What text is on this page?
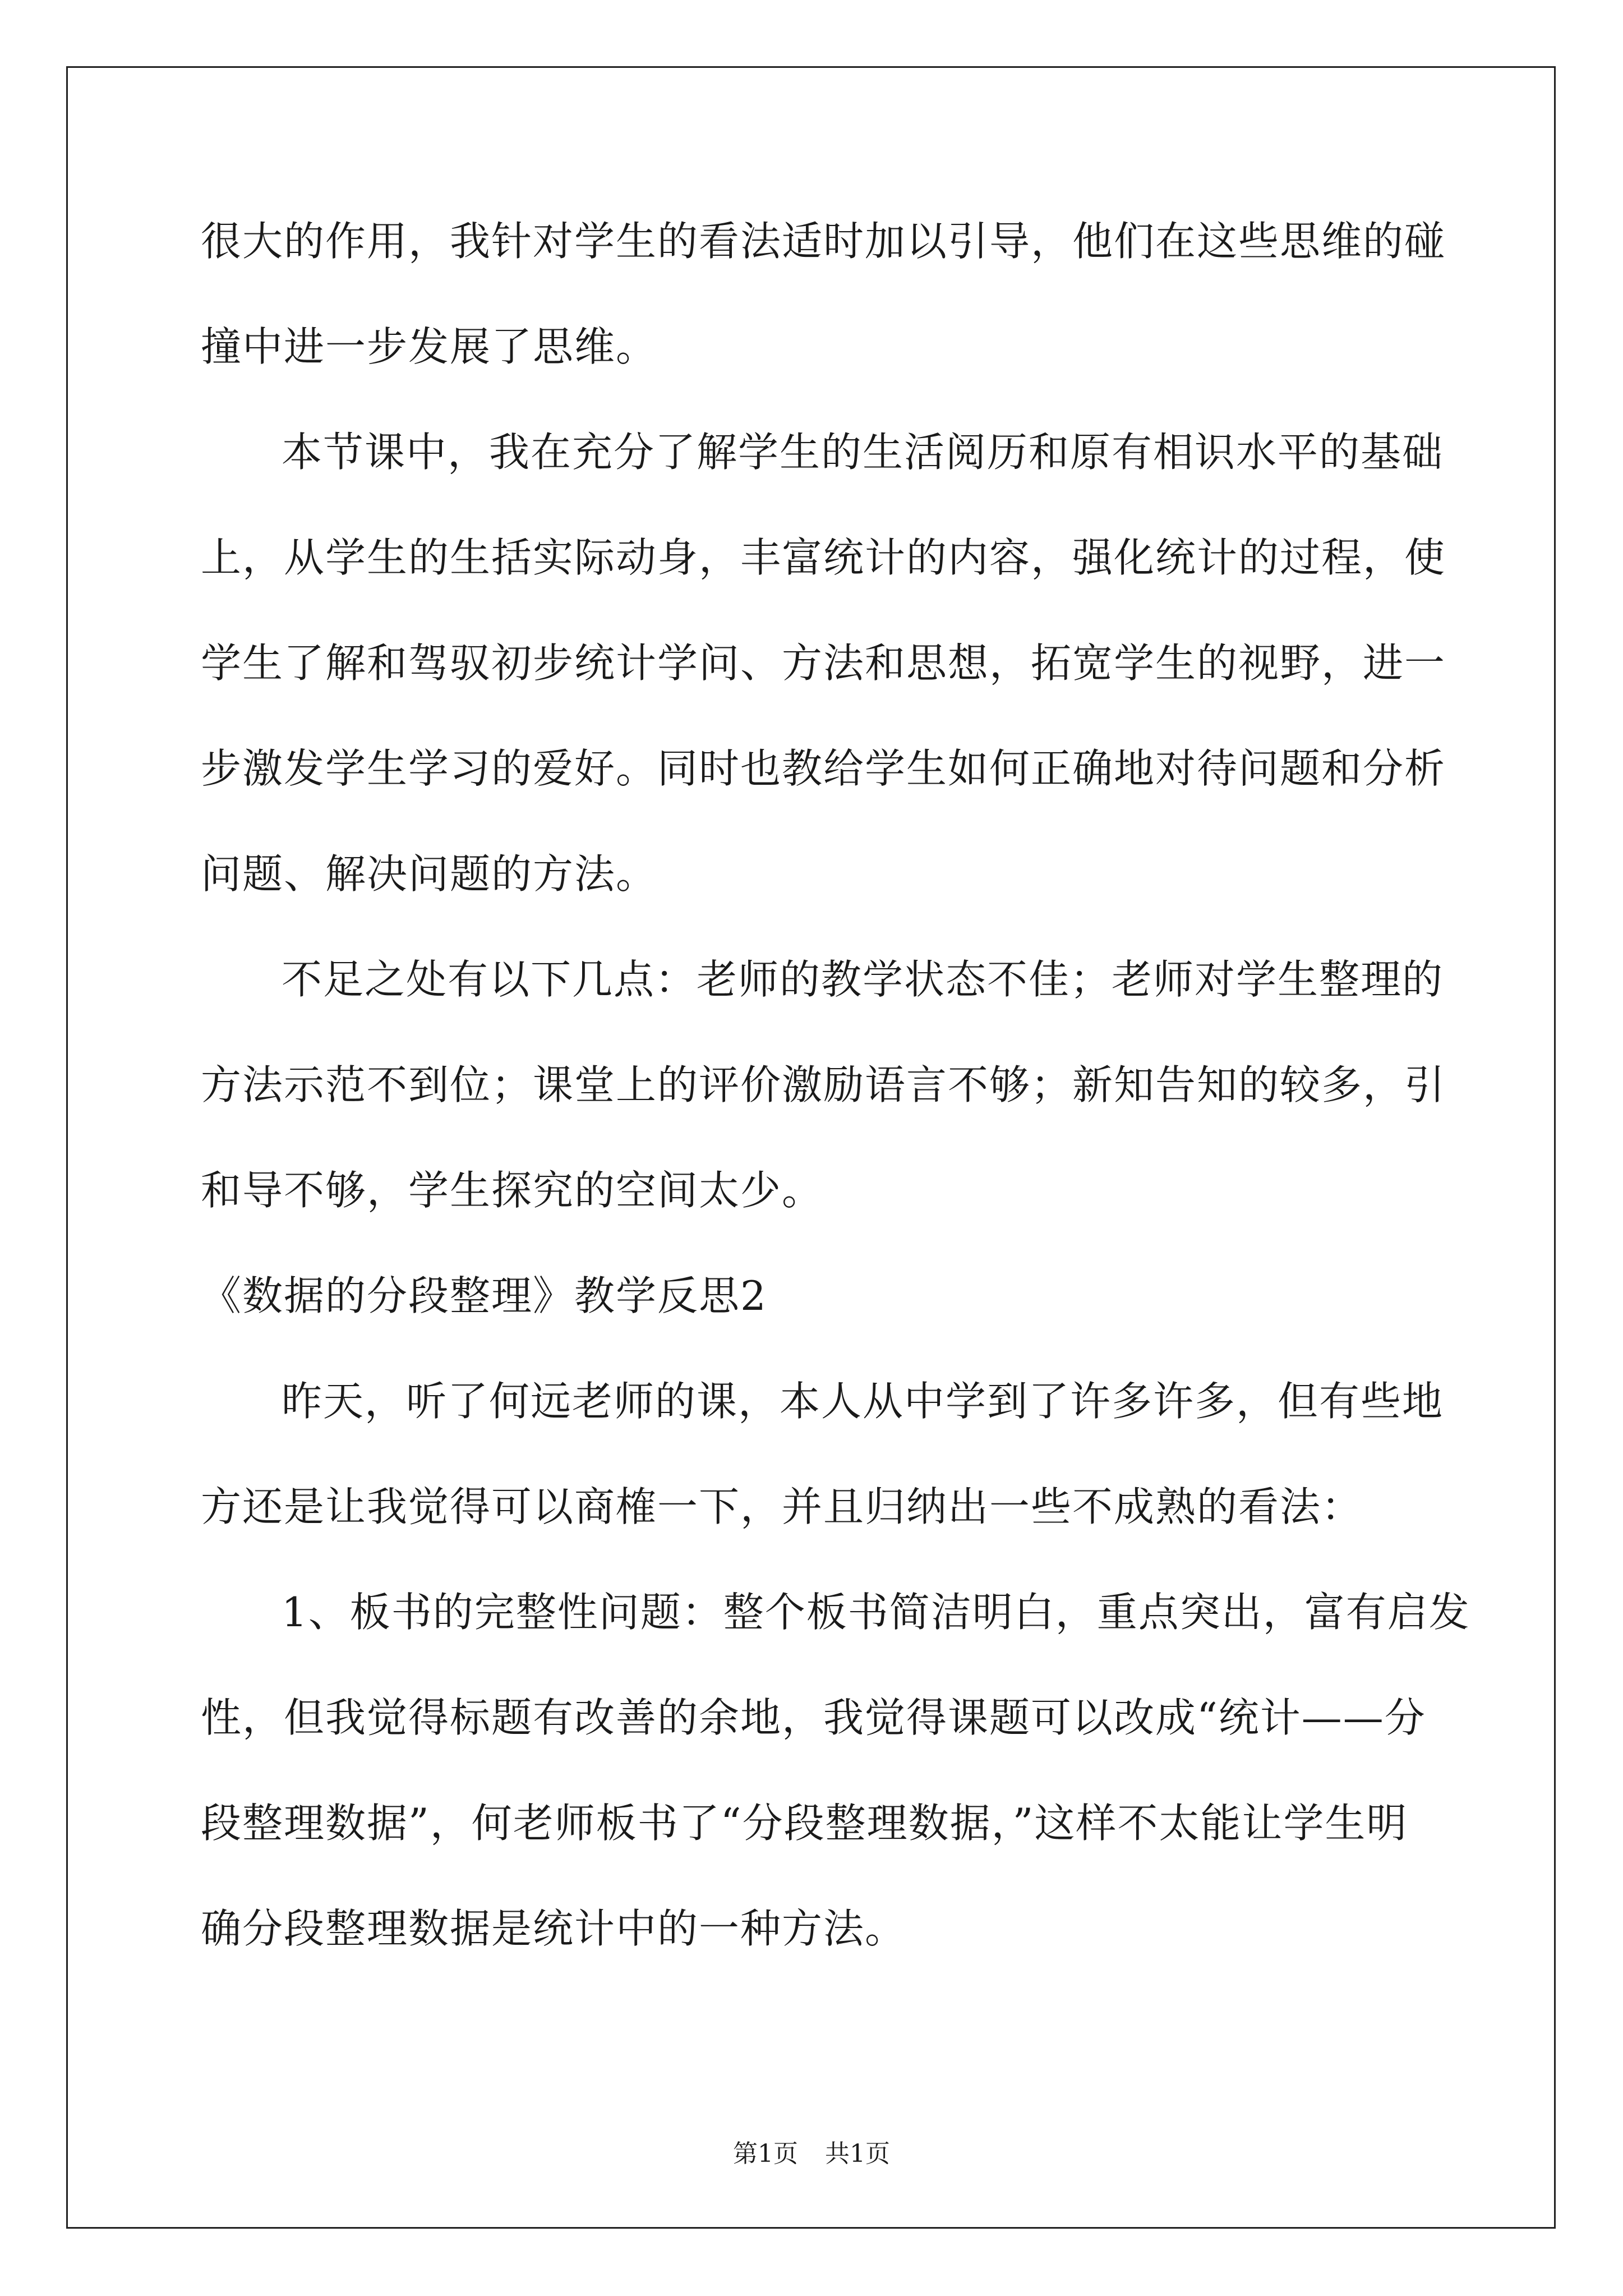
很大的作用，我针对学生的看法适时加以引导，他们在这些思维的碰
撞中进一步发展了思维。
本节课中，我在充分了解学生的生活阅历和原有相识水平的基础
上，从学生的生括实际动身，丰富统计的内容，强化统计的过程，使
学生了解和驾驭初步统计学问、方法和思想，拓宽学生的视野，进一
步激发学生学习的爱好。同时也教给学生如何正确地对待问题和分析
问题、解决问题的方法。
不足之处有以下几点：老师的教学状态不佳；老师对学生整理的
方法示范不到位；课堂上的评价激励语言不够；新知告知的较多，引
和导不够，学生探究的空间太少。
《数据的分段整理》教学反思2
昨天，听了何远老师的课，本人从中学到了许多许多，但有些地
方还是让我觉得可以商榷一下，并且归纳出一些不成熟的看法：
1、板书的完整性问题：整个板书简洁明白，重点突出，富有启发
性，但我觉得标题有改善的余地，我觉得课题可以改成“统计——分
段整理数据”，何老师板书了“分段整理数据，”这样不太能让学生明
确分段整理数据是统计中的一种方法。
第1页 共1页
